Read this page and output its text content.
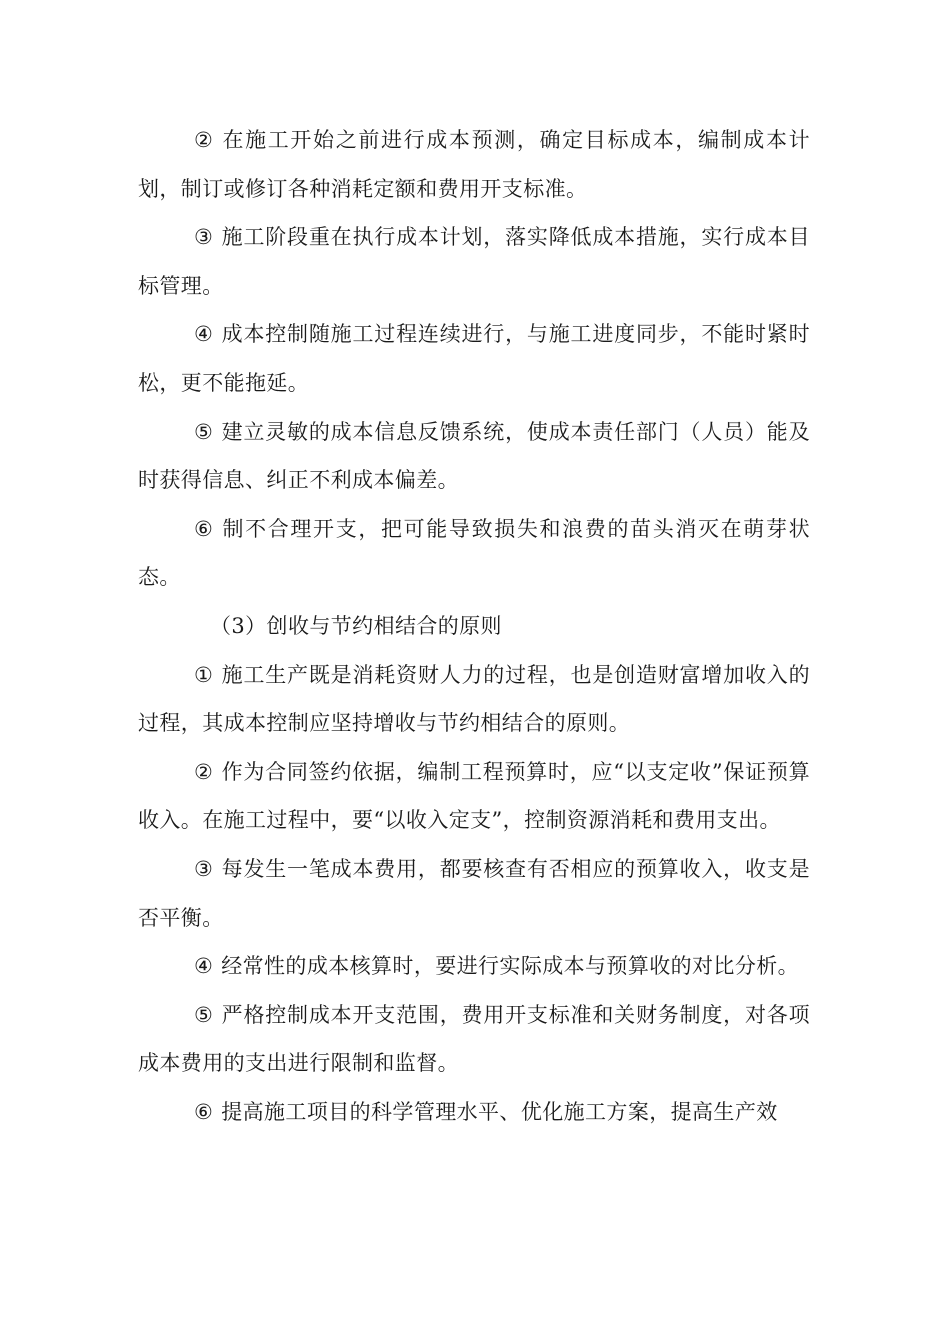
② 在施工开始之前进行成本预测，确定目标成本，编制成本计划，制订或修订各种消耗定额和费用开支标准。

③ 施工阶段重在执行成本计划，落实降低成本措施，实行成本目标管理。

④ 成本控制随施工过程连续进行，与施工进度同步，不能时紧时松，更不能拖延。

⑤ 建立灵敏的成本信息反馈系统，使成本责任部门（人员）能及时获得信息、纠正不利成本偏差。

⑥ 制不合理开支，把可能导致损失和浪费的苗头消灭在萌芽状态。

（3）创收与节约相结合的原则

① 施工生产既是消耗资财人力的过程，也是创造财富增加收入的过程，其成本控制应坚持增收与节约相结合的原则。

② 作为合同签约依据，编制工程预算时，应“以支定收”保证预算收入。在施工过程中，要“以收入定支”，控制资源消耗和费用支出。

③ 每发生一笔成本费用，都要核查有否相应的预算收入，收支是否平衡。

④ 经常性的成本核算时，要进行实际成本与预算收的对比分析。

⑤ 严格控制成本开支范围，费用开支标准和关财务制度，对各项成本费用的支出进行限制和监督。

⑥ 提高施工项目的科学管理水平、优化施工方案，提高生产效
